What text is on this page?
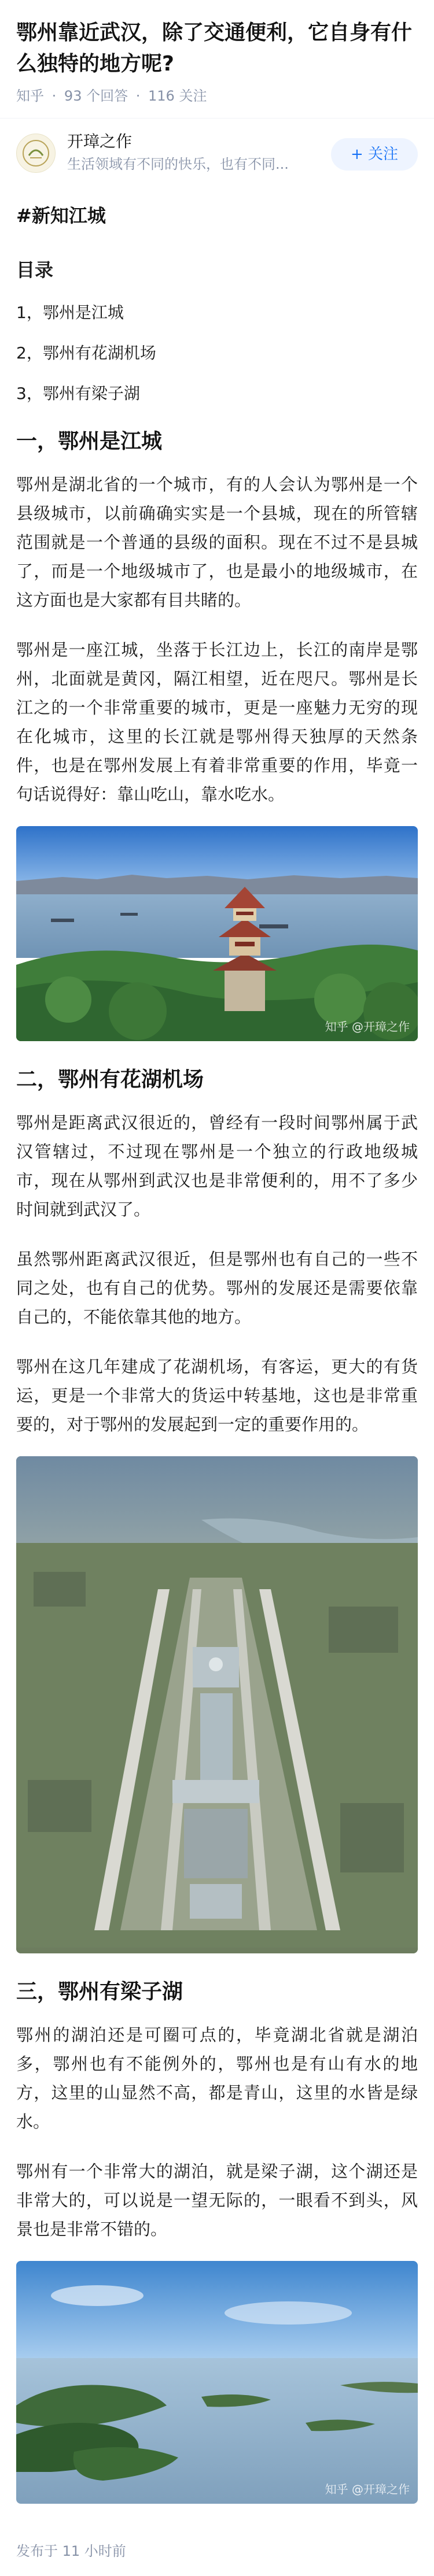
鄂州靠近武汉，除了交通便利，它自身有什么独特的地方呢?
知乎 · 93 个回答 · 116 关注
开璋之作
生活领域有不同的快乐，也有不同...
+ 关注
#新知江城
目录
1，鄂州是江城
2，鄂州有花湖机场
3，鄂州有梁子湖
一，鄂州是江城

鄂州是湖北省的一个城市，有的人会认为鄂州是一个县级城市，以前确确实实是一个县城，现在的所管辖范围就是一个普通的县级的面积。现在不过不是县城了，而是一个地级城市了，也是最小的地级城市，在这方面也是大家都有目共睹的。

鄂州是一座江城，坐落于长江边上，长江的南岸是鄂州，北面就是黄冈，隔江相望，近在咫尺。鄂州是长江之的一个非常重要的城市，更是一座魅力无穷的现在化城市，这里的长江就是鄂州得天独厚的天然条件，也是在鄂州发展上有着非常重要的作用，毕竟一句话说得好：靠山吃山，靠水吃水。

知乎 @开璋之作
二，鄂州有花湖机场

鄂州是距离武汉很近的，曾经有一段时间鄂州属于武汉管辖过，不过现在鄂州是一个独立的行政地级城市，现在从鄂州到武汉也是非常便利的，用不了多少时间就到武汉了。

虽然鄂州距离武汉很近，但是鄂州也有自己的一些不同之处，也有自己的优势。鄂州的发展还是需要依靠自己的，不能依靠其他的地方。

鄂州在这几年建成了花湖机场，有客运，更大的有货运，更是一个非常大的货运中转基地，这也是非常重要的，对于鄂州的发展起到一定的重要作用的。

三，鄂州有梁子湖

鄂州的湖泊还是可圈可点的，毕竟湖北省就是湖泊多，鄂州也有不能例外的，鄂州也是有山有水的地方，这里的山显然不高，都是青山，这里的水皆是绿水。

鄂州有一个非常大的湖泊，就是梁子湖，这个湖还是非常大的，可以说是一望无际的，一眼看不到头，风景也是非常不错的。

知乎 @开璋之作
发布于 11 小时前
